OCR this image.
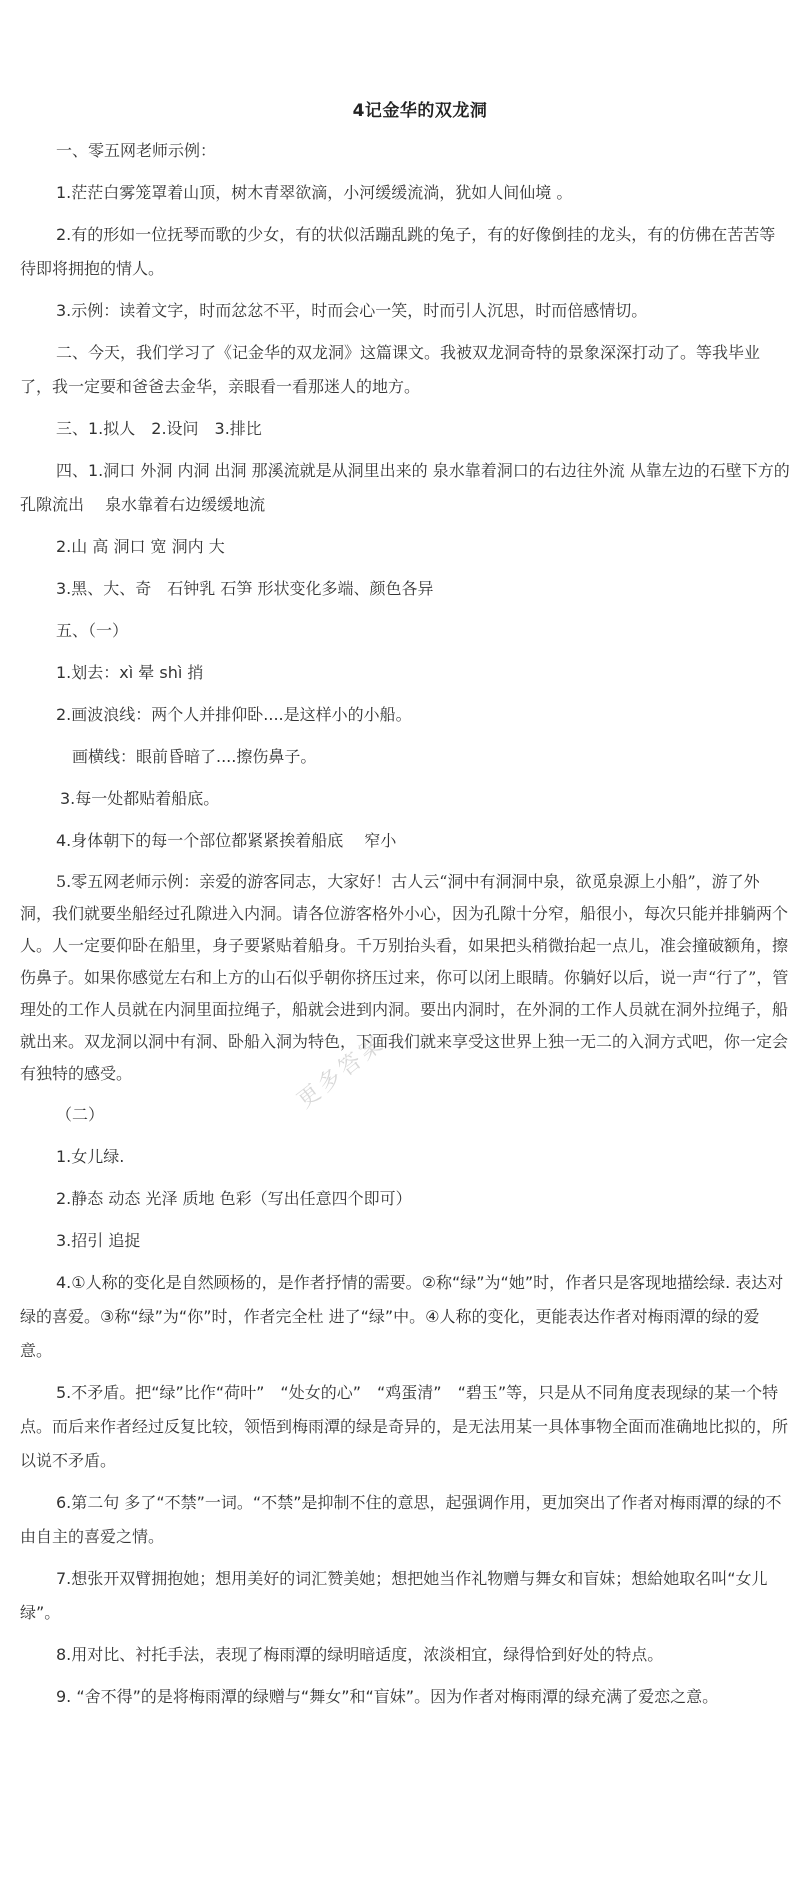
4记金华的双龙洞

一、零五网老师示例：

1.茫茫白雾笼罩着山顶，树木青翠欲滴，小河缓缓流淌，犹如人间仙境 。

2.有的形如一位抚琴而歌的少女，有的状似活蹦乱跳的兔子，有的好像倒挂的龙头，有的仿佛在苦苦等待即将拥抱的情人。

3.示例：读着文字，时而忿忿不平，时而会心一笑，时而引人沉思，时而倍感情切。

二、今天，我们学习了《记金华的双龙洞》这篇课文。我被双龙洞奇特的景象深深打动了。等我毕业了，我一定要和爸爸去金华，亲眼看一看那迷人的地方。

三、1.拟人　2.设问　3.排比

四、1.洞口 外洞 内洞 出洞 那溪流就是从洞里出来的 泉水靠着洞口的右边往外流 从靠左边的石壁下方的孔隙流出　 泉水靠着右边缓缓地流

2.山 高 洞口 宽 洞内 大

3.黑、大、奇　石钟乳 石笋 形状变化多端、颜色各异

五、（一）

1.划去：xì 晕 shì 捎

2.画波浪线：两个人并排仰卧....是这样小的小船。

画横线：眼前昏暗了....擦伤鼻子。

3.每一处都贴着船底。

4.身体朝下的每一个部位都紧紧挨着船底　 窄小

5.零五网老师示例：亲爱的游客同志，大家好！古人云“洞中有洞洞中泉，欲觅泉源上小船”，游了外洞，我们就要坐船经过孔隙进入内洞。请各位游客格外小心，因为孔隙十分窄，船很小，每次只能并排躺两个人。人一定要仰卧在船里，身子要紧贴着船身。千万别抬头看，如果把头稍微抬起一点儿，准会撞破额角，擦伤鼻子。如果你感觉左右和上方的山石似乎朝你挤压过来，你可以闭上眼睛。你躺好以后，说一声“行了”，管理处的工作人员就在内洞里面拉绳子，船就会进到内洞。要出内洞时，在外洞的工作人员就在洞外拉绳子，船就出来。双龙洞以洞中有洞、卧船入洞为特色，下面我们就来享受这世界上独一无二的入洞方式吧，你一定会有独特的感受。

（二）

1.女儿绿.

2.静态 动态 光泽 质地 色彩（写出任意四个即可）

3.招引 追捉

4.①人称的变化是自然顾杨的，是作者抒情的需要。②称“绿”为“她”时，作者只是客现地描绘绿. 表达对绿的喜爱。③称“绿”为“你”时，作者完全杜 进了“绿”中。④人称的变化，更能表达作者对梅雨潭的绿的爱意。

5.不矛盾。把“绿”比作“荷叶”　“处女的心”　“鸡蛋清”　“碧玉”等，只是从不同角度表现绿的某一个特点。而后来作者经过反复比较，领悟到梅雨潭的绿是奇异的，是无法用某一具体事物全面而准确地比拟的，所以说不矛盾。

6.第二句 多了“不禁”一词。“不禁”是抑制不住的意思，起强调作用，更加突出了作者对梅雨潭的绿的不由自主的喜爱之情。

7.想张开双臂拥抱她；想用美好的词汇赞美她；想把她当作礼物赠与舞女和盲妹；想給她取名叫“女儿绿”。

8.用对比、衬托手法，表现了梅雨潭的绿明暗适度，浓淡相宜，绿得恰到好处的特点。

9. “舍不得”的是将梅雨潭的绿赠与“舞女”和“盲妹”。因为作者对梅雨潭的绿充满了爱恋之意。

更多答案
